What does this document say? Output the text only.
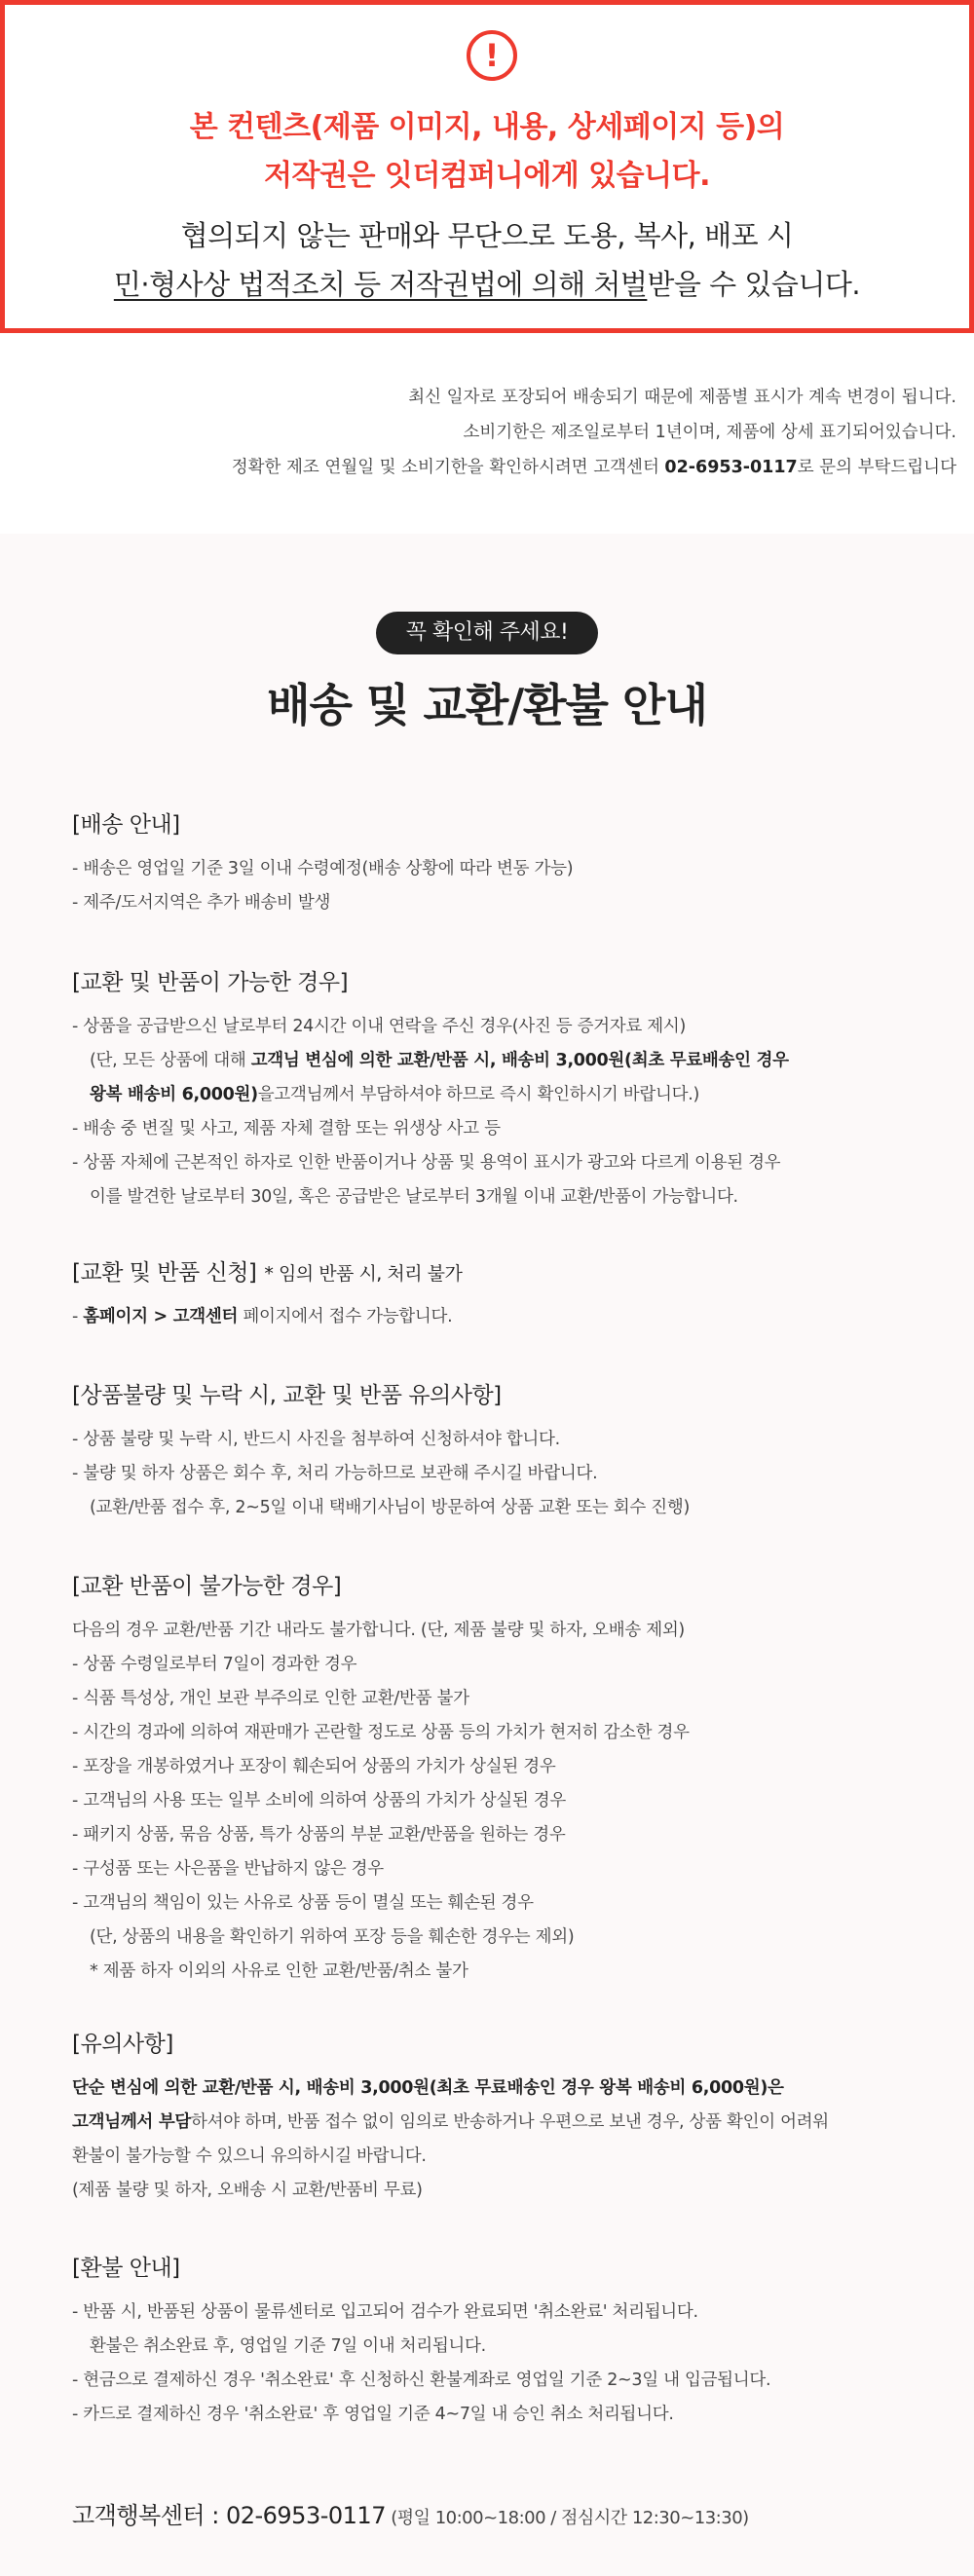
!
본 컨텐츠(제품 이미지, 내용, 상세페이지 등)의
저작권은 잇더컴퍼니에게 있습니다.
협의되지 않는 판매와 무단으로 도용, 복사, 배포 시
민·형사상 법적조치 등 저작권법에 의해 처벌받을 수 있습니다.
최신 일자로 포장되어 배송되기 때문에 제품별 표시가 계속 변경이 됩니다.
소비기한은 제조일로부터 1년이며, 제품에 상세 표기되어있습니다.
정확한 제조 연월일 및 소비기한을 확인하시려면 고객센터 02-6953-0117로 문의 부탁드립니다
꼭 확인해 주세요!
배송 및 교환/환불 안내
[배송 안내]
- 배송은 영업일 기준 3일 이내 수령예정(배송 상황에 따라 변동 가능)
- 제주/도서지역은 추가 배송비 발생
[교환 및 반품이 가능한 경우]
- 상품을 공급받으신 날로부터 24시간 이내 연락을 주신 경우(사진 등 증거자료 제시)
(단, 모든 상품에 대해 고객님 변심에 의한 교환/반품 시, 배송비 3,000원(최초 무료배송인 경우
왕복 배송비 6,000원)을고객님께서 부담하셔야 하므로 즉시 확인하시기 바랍니다.)
- 배송 중 변질 및 사고, 제품 자체 결함 또는 위생상 사고 등
- 상품 자체에 근본적인 하자로 인한 반품이거나 상품 및 용역이 표시가 광고와 다르게 이용된 경우
이를 발견한 날로부터 30일, 혹은 공급받은 날로부터 3개월 이내 교환/반품이 가능합니다.
[교환 및 반품 신청] * 임의 반품 시, 처리 불가
- 홈페이지 > 고객센터 페이지에서 접수 가능합니다.
[상품불량 및 누락 시, 교환 및 반품 유의사항]
- 상품 불량 및 누락 시, 반드시 사진을 첨부하여 신청하셔야 합니다.
- 불량 및 하자 상품은 회수 후, 처리 가능하므로 보관해 주시길 바랍니다.
(교환/반품 접수 후, 2~5일 이내 택배기사님이 방문하여 상품 교환 또는 회수 진행)
[교환 반품이 불가능한 경우]
다음의 경우 교환/반품 기간 내라도 불가합니다. (단, 제품 불량 및 하자, 오배송 제외)
- 상품 수령일로부터 7일이 경과한 경우
- 식품 특성상, 개인 보관 부주의로 인한 교환/반품 불가
- 시간의 경과에 의하여 재판매가 곤란할 정도로 상품 등의 가치가 현저히 감소한 경우
- 포장을 개봉하였거나 포장이 훼손되어 상품의 가치가 상실된 경우
- 고객님의 사용 또는 일부 소비에 의하여 상품의 가치가 상실된 경우
- 패키지 상품, 묶음 상품, 특가 상품의 부분 교환/반품을 원하는 경우
- 구성품 또는 사은품을 반납하지 않은 경우
- 고객님의 책임이 있는 사유로 상품 등이 멸실 또는 훼손된 경우
(단, 상품의 내용을 확인하기 위하여 포장 등을 훼손한 경우는 제외)
* 제품 하자 이외의 사유로 인한 교환/반품/취소 불가
[유의사항]
단순 변심에 의한 교환/반품 시, 배송비 3,000원(최초 무료배송인 경우 왕복 배송비 6,000원)은
고객님께서 부담하셔야 하며, 반품 접수 없이 임의로 반송하거나 우편으로 보낸 경우, 상품 확인이 어려워
환불이 불가능할 수 있으니 유의하시길 바랍니다.
(제품 불량 및 하자, 오배송 시 교환/반품비 무료)
[환불 안내]
- 반품 시, 반품된 상품이 물류센터로 입고되어 검수가 완료되면 '취소완료' 처리됩니다.
환불은 취소완료 후, 영업일 기준 7일 이내 처리됩니다.
- 현금으로 결제하신 경우 '취소완료' 후 신청하신 환불계좌로 영업일 기준 2~3일 내 입금됩니다.
- 카드로 결제하신 경우 '취소완료' 후 영업일 기준 4~7일 내 승인 취소 처리됩니다.
고객행복센터 : 02-6953-0117 (평일 10:00~18:00 / 점심시간 12:30~13:30)
